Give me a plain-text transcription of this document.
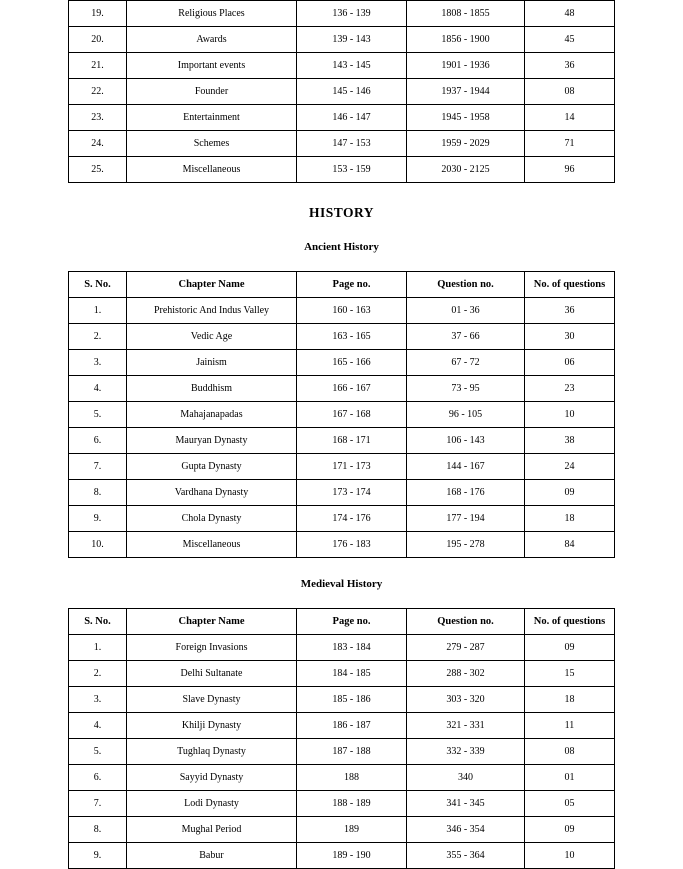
19.	Religious Places	136 - 139	1808 - 1855	48
20.	Awards	139 - 143	1856 - 1900	45
21.	Important events	143 - 145	1901 - 1936	36
22.	Founder	145 - 146	1937 - 1944	08
23.	Entertainment	146 - 147	1945 - 1958	14
24.	Schemes	147 - 153	1959 - 2029	71
25.	Miscellaneous	153 - 159	2030 - 2125	96
HISTORY
Ancient History
S. No.	Chapter Name	Page no.	Question no.	No. of questions
1.	Prehistoric And Indus Valley	160 - 163	01 - 36	36
2.	Vedic Age	163 - 165	37 - 66	30
3.	Jainism	165 - 166	67 - 72	06
4.	Buddhism	166 - 167	73 - 95	23
5.	Mahajanapadas	167 - 168	96 - 105	10
6.	Mauryan Dynasty	168 - 171	106 - 143	38
7.	Gupta Dynasty	171 - 173	144 - 167	24
8.	Vardhana Dynasty	173 - 174	168 - 176	09
9.	Chola Dynasty	174 - 176	177 - 194	18
10.	Miscellaneous	176 - 183	195 - 278	84
Medieval History
S. No.	Chapter Name	Page no.	Question no.	No. of questions
1.	Foreign Invasions	183 - 184	279 - 287	09
2.	Delhi Sultanate	184 - 185	288 - 302	15
3.	Slave Dynasty	185 - 186	303 - 320	18
4.	Khilji Dynasty	186 - 187	321 - 331	11
5.	Tughlaq Dynasty	187 - 188	332 - 339	08
6.	Sayyid Dynasty	188	340	01
7.	Lodi Dynasty	188 - 189	341 - 345	05
8.	Mughal Period	189	346 - 354	09
9.	Babur	189 - 190	355 - 364	10
